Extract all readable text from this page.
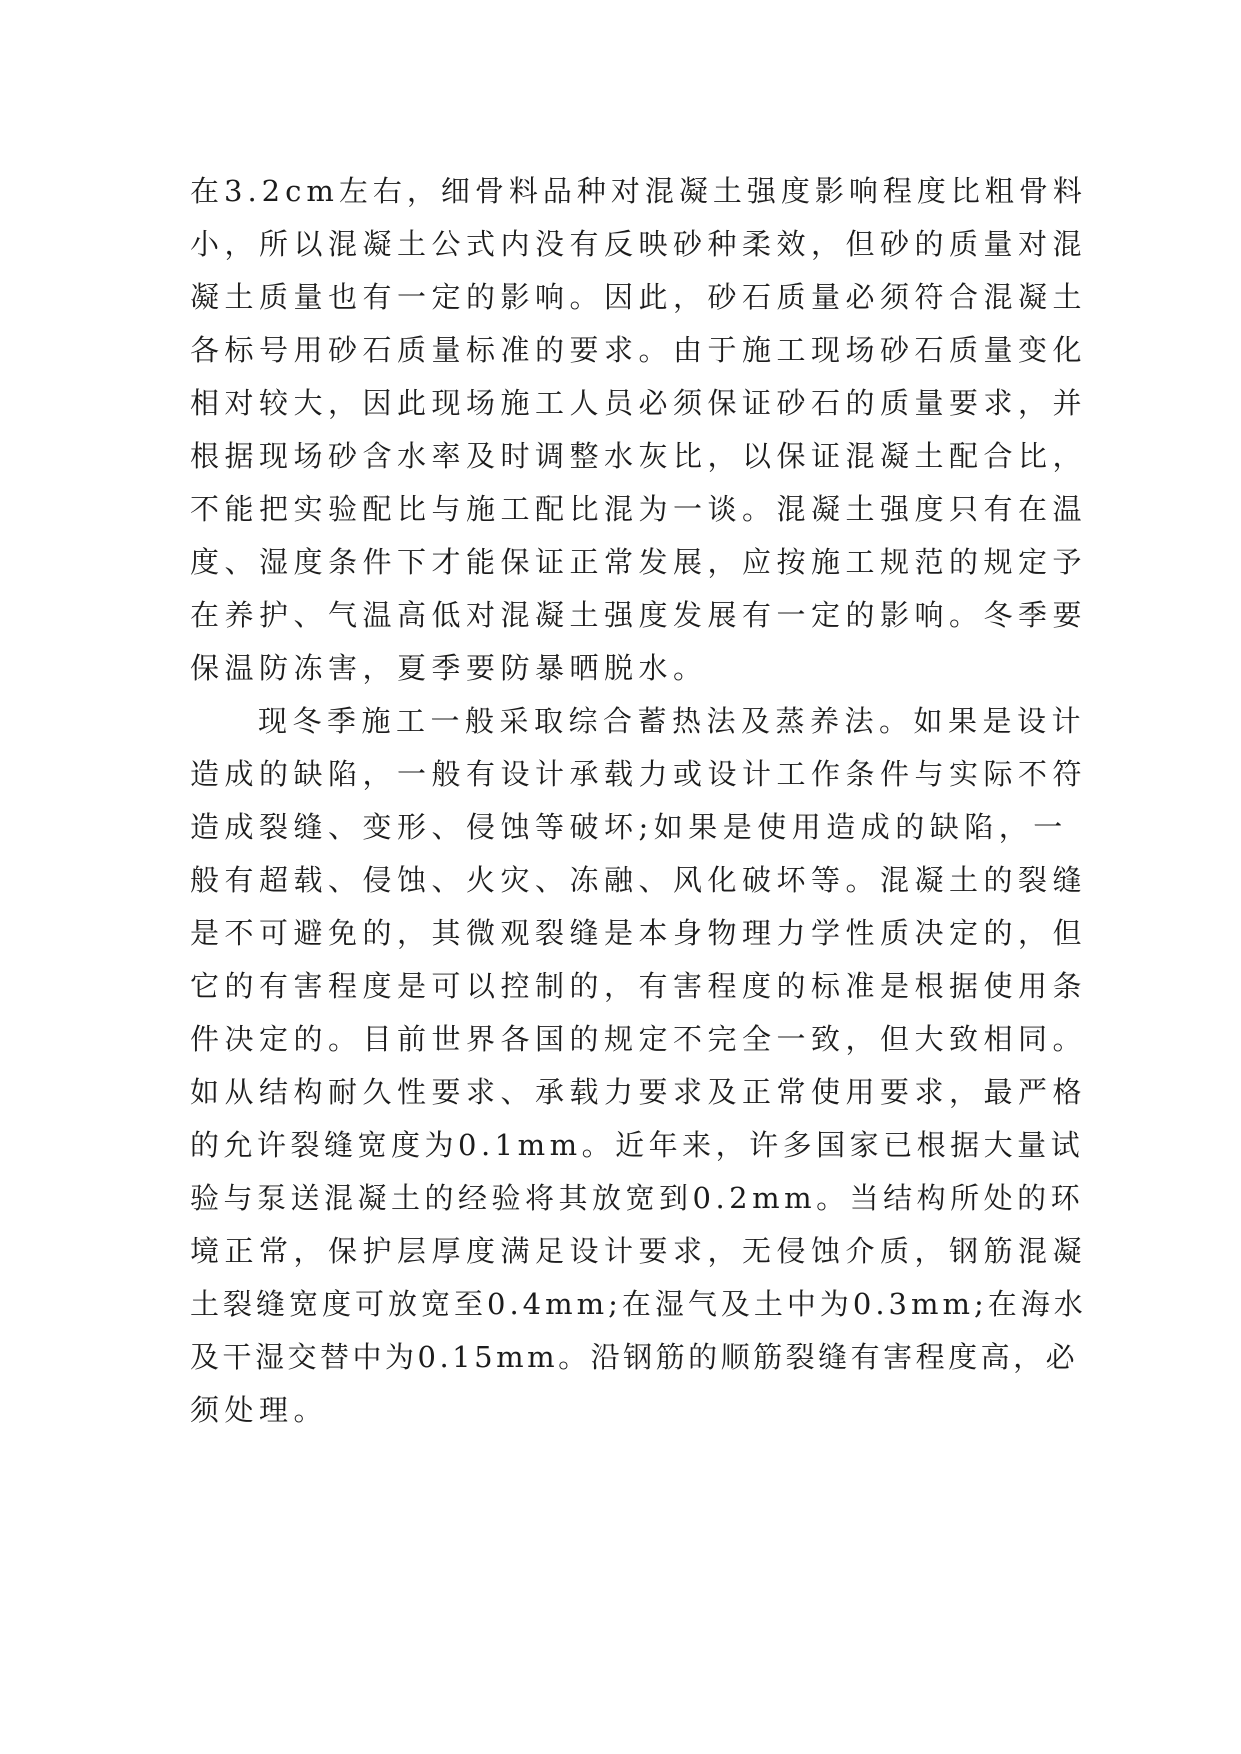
在3.2cm左右，细骨料品种对混凝土强度影响程度比粗骨料

小，所以混凝土公式内没有反映砂种柔效，但砂的质量对混

凝土质量也有一定的影响。因此，砂石质量必须符合混凝土

各标号用砂石质量标准的要求。由于施工现场砂石质量变化

相对较大，因此现场施工人员必须保证砂石的质量要求，并

根据现场砂含水率及时调整水灰比，以保证混凝土配合比，

不能把实验配比与施工配比混为一谈。混凝土强度只有在温

度、湿度条件下才能保证正常发展，应按施工规范的规定予

在养护、气温高低对混凝土强度发展有一定的影响。冬季要

保温防冻害，夏季要防暴晒脱水。

现冬季施工一般采取综合蓄热法及蒸养法。如果是设计

造成的缺陷，一般有设计承载力或设计工作条件与实际不符

造成裂缝、变形、侵蚀等破坏;如果是使用造成的缺陷，一

般有超载、侵蚀、火灾、冻融、风化破坏等。混凝土的裂缝

是不可避免的，其微观裂缝是本身物理力学性质决定的，但

它的有害程度是可以控制的，有害程度的标准是根据使用条

件决定的。目前世界各国的规定不完全一致，但大致相同。

如从结构耐久性要求、承载力要求及正常使用要求，最严格

的允许裂缝宽度为0.1mm。近年来，许多国家已根据大量试

验与泵送混凝土的经验将其放宽到0.2mm。当结构所处的环

境正常，保护层厚度满足设计要求，无侵蚀介质，钢筋混凝

土裂缝宽度可放宽至0.4mm;在湿气及土中为0.3mm;在海水

及干湿交替中为0.15mm。沿钢筋的顺筋裂缝有害程度高，必

须处理。
